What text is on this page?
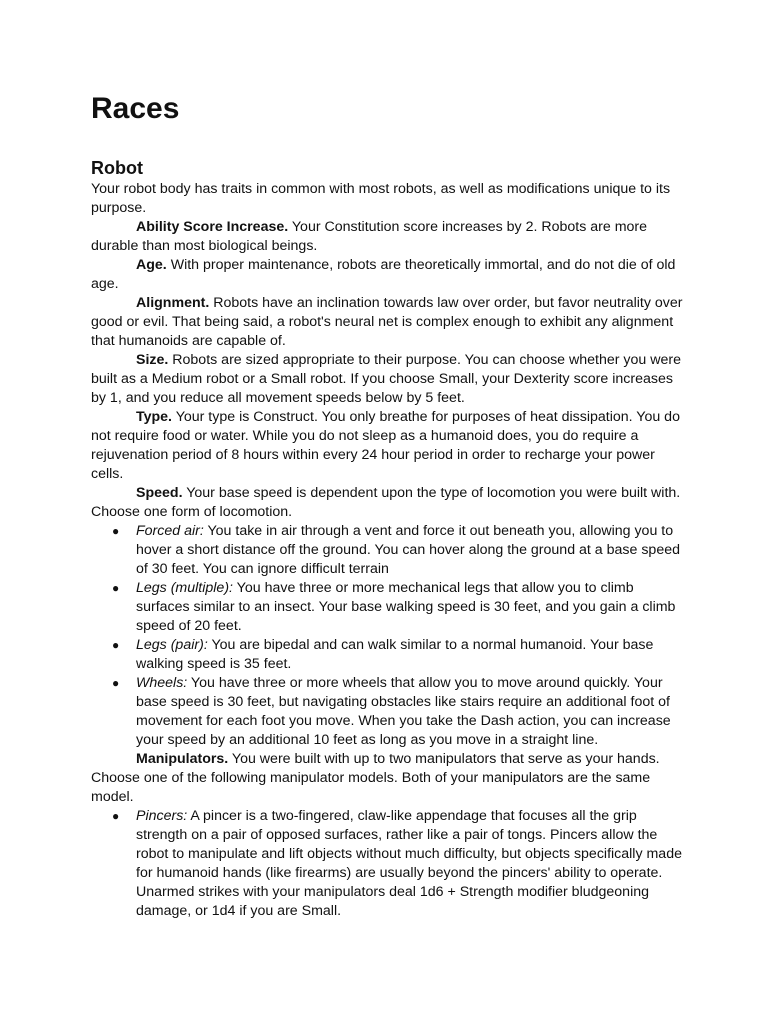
Races
Robot

Your robot body has traits in common with most robots, as well as modifications unique to its purpose.

Ability Score Increase. Your Constitution score increases by 2. Robots are more durable than most biological beings.

Age. With proper maintenance, robots are theoretically immortal, and do not die of old age.

Alignment. Robots have an inclination towards law over order, but favor neutrality over good or evil. That being said, a robot's neural net is complex enough to exhibit any alignment that humanoids are capable of.

Size. Robots are sized appropriate to their purpose. You can choose whether you were built as a Medium robot or a Small robot. If you choose Small, your Dexterity score increases by 1, and you reduce all movement speeds below by 5 feet.

Type. Your type is Construct. You only breathe for purposes of heat dissipation. You do not require food or water. While you do not sleep as a humanoid does, you do require a rejuvenation period of 8 hours within every 24 hour period in order to recharge your power cells.

Speed. Your base speed is dependent upon the type of locomotion you were built with. Choose one form of locomotion.

● Forced air: You take in air through a vent and force it out beneath you, allowing you to hover a short distance off the ground. You can hover along the ground at a base speed of 30 feet. You can ignore difficult terrain
● Legs (multiple): You have three or more mechanical legs that allow you to climb surfaces similar to an insect. Your base walking speed is 30 feet, and you gain a climb speed of 20 feet.
● Legs (pair): You are bipedal and can walk similar to a normal humanoid. Your base walking speed is 35 feet.
● Wheels: You have three or more wheels that allow you to move around quickly. Your base speed is 30 feet, but navigating obstacles like stairs require an additional foot of movement for each foot you move. When you take the Dash action, you can increase your speed by an additional 10 feet as long as you move in a straight line.

Manipulators. You were built with up to two manipulators that serve as your hands. Choose one of the following manipulator models. Both of your manipulators are the same model.

● Pincers: A pincer is a two-fingered, claw-like appendage that focuses all the grip strength on a pair of opposed surfaces, rather like a pair of tongs. Pincers allow the robot to manipulate and lift objects without much difficulty, but objects specifically made for humanoid hands (like firearms) are usually beyond the pincers' ability to operate. Unarmed strikes with your manipulators deal 1d6 + Strength modifier bludgeoning damage, or 1d4 if you are Small.
